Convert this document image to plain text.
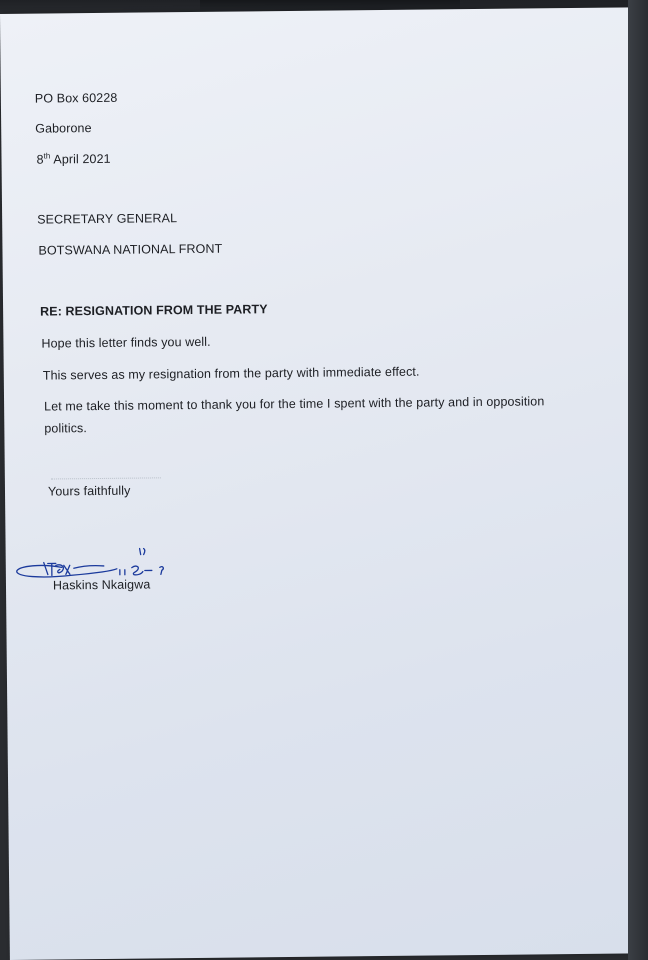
PO Box 60228
Gaborone
8th April 2021
SECRETARY GENERAL
BOTSWANA NATIONAL FRONT
RE: RESIGNATION FROM THE PARTY
Hope this letter finds you well.
This serves as my resignation from the party with immediate effect.
Let me take this moment to thank you for the time I spent with the party and in opposition
politics.
Yours faithfully
Haskins Nkaigwa
